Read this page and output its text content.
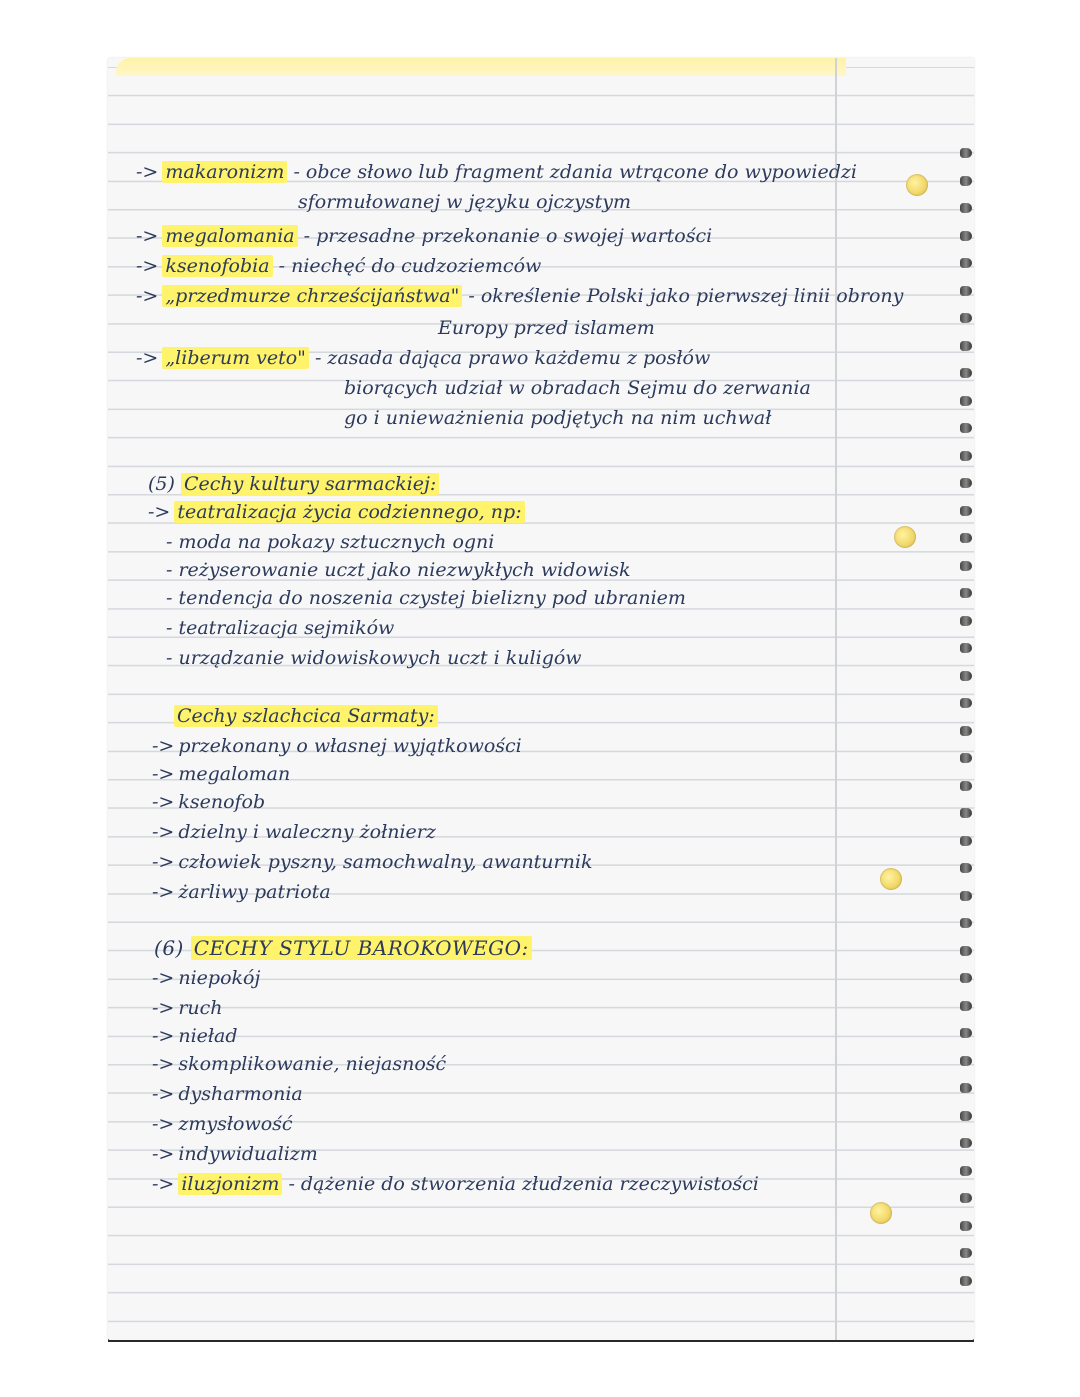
-> makaronizm - obce słowo lub fragment zdania wtrącone do wypowiedzi
sformułowanej w języku ojczystym
-> megalomania - przesadne przekonanie o swojej wartości
-> ksenofobia - niechęć do cudzoziemców
-> „przedmurze chrześcijaństwa" - określenie Polski jako pierwszej linii obrony
Europy przed islamem
-> „liberum veto" - zasada dająca prawo każdemu z posłów
biorących udział w obradach Sejmu do zerwania
go i unieważnienia podjętych na nim uchwał
(5) Cechy kultury sarmackiej:
-> teatralizacja życia codziennego, np:
- moda na pokazy sztucznych ogni
- reżyserowanie uczt jako niezwykłych widowisk
- tendencja do noszenia czystej bielizny pod ubraniem
- teatralizacja sejmików
- urządzanie widowiskowych uczt i kuligów
Cechy szlachcica Sarmaty:
-> przekonany o własnej wyjątkowości
-> megaloman
-> ksenofob
-> dzielny i waleczny żołnierz
-> człowiek pyszny, samochwalny, awanturnik
-> żarliwy patriota
(6) CECHY STYLU BAROKOWEGO:
-> niepokój
-> ruch
-> nieład
-> skomplikowanie, niejasność
-> dysharmonia
-> zmysłowość
-> indywidualizm
-> iluzjonizm - dążenie do stworzenia złudzenia rzeczywistości
